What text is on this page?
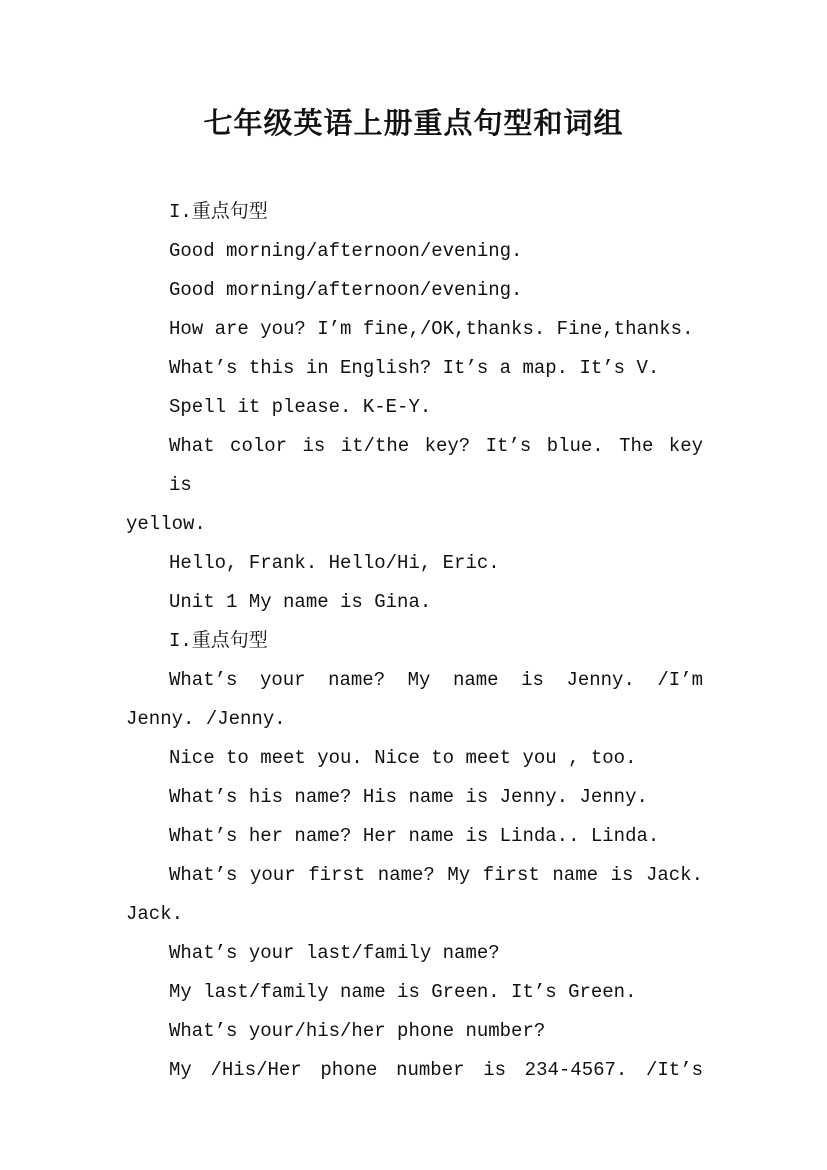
七年级英语上册重点句型和词组

I.重点句型

Good morning/afternoon/evening.

Good morning/afternoon/evening.

How are you? I’m fine,/OK,thanks. Fine,thanks.

What’s this in English? It’s a map. It’s V.

Spell it please. K-E-Y.

What color is it/the key? It’s blue. The key is

yellow.

Hello, Frank. Hello/Hi, Eric.

Unit 1 My name is Gina.

I.重点句型

What’s your name? My name is Jenny. /I’m

Jenny. /Jenny.

Nice to meet you. Nice to meet you , too.

What’s his name? His name is Jenny. Jenny.

What’s her name? Her name is Linda.. Linda.

What’s your first name? My first name is Jack.

Jack.

What’s your last/family name?

My last/family name is Green. It’s Green.

What’s your/his/her phone number?

My /His/Her phone number is 234-4567. /It’s
